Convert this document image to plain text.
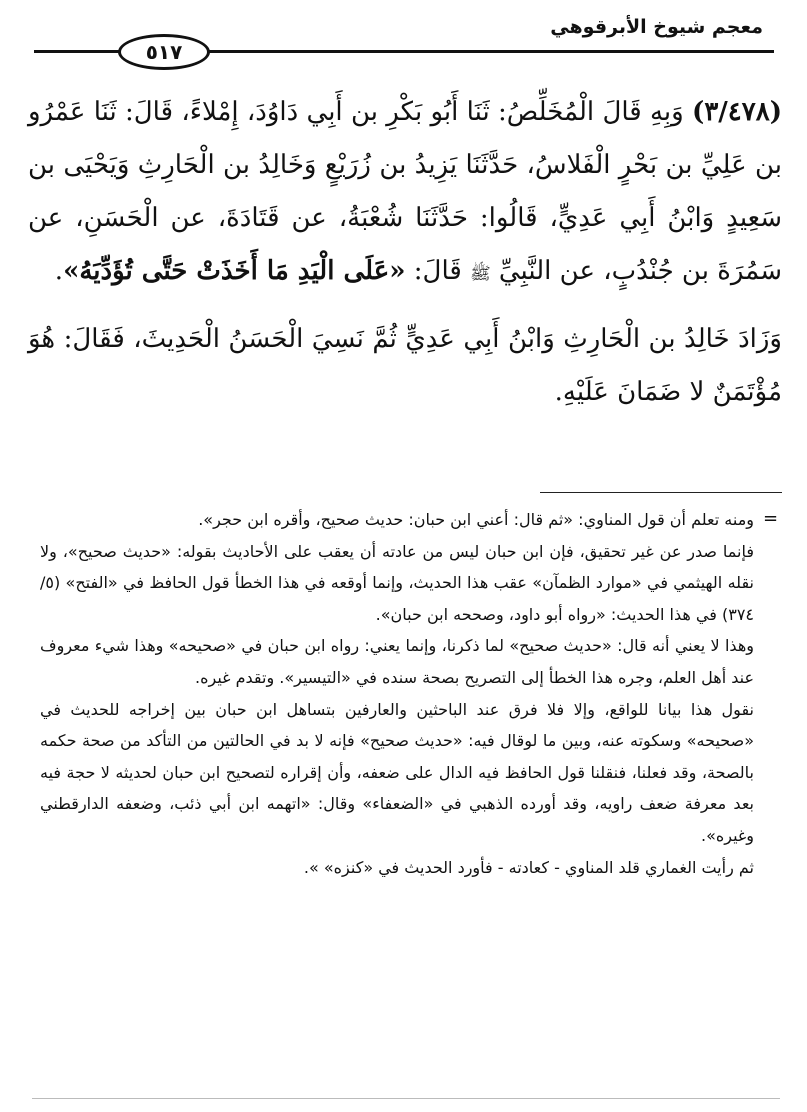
معجم شيوخ الأبرقوهي
٥١٧

(٣/٤٧٨) وَبِهِ قَالَ الْمُخَلِّصُ: ثَنَا أَبُو بَكْرِ بن أَبِي دَاوُدَ، إِمْلاءً، قَالَ: ثَنَا عَمْرُو بن عَلِيِّ بن بَحْرٍ الْفَلاسُ، حَدَّثَنَا يَزِيدُ بن زُرَيْعٍ وَخَالِدُ بن الْحَارِثِ وَيَحْيَى بن سَعِيدٍ وَابْنُ أَبِي عَدِيٍّ، قَالُوا: حَدَّثَنَا شُعْبَةُ، عن قَتَادَةَ، عن الْحَسَنِ، عن سَمُرَةَ بن جُنْدُبٍ، عن النَّبِيِّ ﷺ قَالَ: «عَلَى الْيَدِ مَا أَخَذَتْ حَتَّى تُؤَدِّيَهُ».

وَزَادَ خَالِدُ بن الْحَارِثِ وَابْنُ أَبِي عَدِيٍّ ثُمَّ نَسِيَ الْحَسَنُ الْحَدِيثَ، فَقَالَ: هُوَ مُؤْتَمَنٌ لا ضَمَانَ عَلَيْهِ.

=

ومنه تعلم أن قول المناوي: «ثم قال: أعني ابن حبان: حديث صحيح، وأقره ابن حجر».

فإنما صدر عن غير تحقيق، فإن ابن حبان ليس من عادته أن يعقب على الأحاديث بقوله: «حديث صحيح»، ولا نقله الهيثمي في «موارد الظمآن» عقب هذا الحديث، وإنما أوقعه في هذا الخطأ قول الحافظ في «الفتح» (٥/ ٣٧٤) في هذا الحديث: «رواه أبو داود، وصححه ابن حبان».

وهذا لا يعني أنه قال: «حديث صحيح» لما ذكرنا، وإنما يعني: رواه ابن حبان في «صحيحه» وهذا شيء معروف عند أهل العلم، وجره هذا الخطأ إلى التصريح بصحة سنده في «التيسير». وتقدم غيره.

نقول هذا بيانا للواقع، وإلا فلا فرق عند الباحثين والعارفين بتساهل ابن حبان بين إخراجه للحديث في «صحيحه» وسكوته عنه، وبين ما لوقال فيه: «حديث صحيح» فإنه لا بد في الحالتين من التأكد من صحة حكمه بالصحة، وقد فعلنا، فنقلنا قول الحافظ فيه الدال على ضعفه، وأن إقراره لتصحيح ابن حبان لحديثه لا حجة فيه بعد معرفة ضعف راويه، وقد أورده الذهبي في «الضعفاء» وقال: «اتهمه ابن أبي ذئب، وضعفه الدارقطني وغيره».

ثم رأيت الغماري قلد المناوي - كعادته - فأورد الحديث في «كنزه» ».
